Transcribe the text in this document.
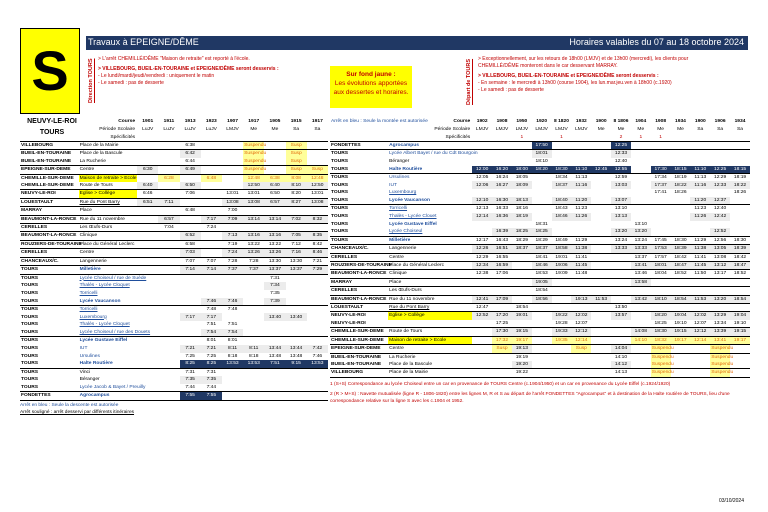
S	Direction TOURS
NEUVY-LE-ROI
TOURS
Travaux à EPEIGNE/DÊME	Horaires valables du 07 au 18 octobre 2024
> L'arrêt CHEMILLÉ/DÊME "Maison de retraite" est reporté à l'école.
> VILLEBOURG, BUEIL-EN-TOURAINE et EPEIGNE/DÊME seront desservis :
- Le lundi/mardi/jeudi/vendredi : uniquement le matin
- Le samedi : pas de desserte
Sur fond jaune :
Les évolutions apportées
aux dessertes et horaires.	Départ de TOURS > Exceptionnellement, sur les retours de 18h00 (LMJV) et de 13h00 (mercredi), les clients pour
CHEMILLÉ/DÊME monteront dans le car desservant MARRAY.
> VILLEBOURG, BUEIL-EN-TOURAINE et EPEIGNE/DÊME seront desservis :
- En semaine : le mercredi à 13h00 (course 1904), les lun.mar.jeu.ven à 18h00 (c.1920)
- Le samedi : pas de desserte
	Course	1901	1911	1913	1923	1907	1917	1905	1915	1917
	Période Scolaire	LuJV	LuJV	LuJV	LuJV	LMJV	Me	Me	Sa	Sa
	Spécificités									
VILLEBOURG	Place de la Mairie			6:38			Suspendu		Susp	
BUEIL-EN-TOURAINE	Place de la Bascule			6:42			Suspendu		Susp	
BUEIL-EN-TOURAINE	La Rucherie			6:44			Suspendu		Susp	
EPEIGNE-SUR-DEME	Centre	6:30		6:49			Suspendu		Susp	Susp
CHEMILLE-SUR-DEME	Maison de retraite > Ecole		6:28		6:48		12:48	6:38	8:08	12:48
CHEMILLE-SUR-DEME	Route de Tours	6:40		6:50			12:50	6:40	8:10	12:50
NEUVY-LE-ROI	Eglise > Collège	6:46		7:06		13:01	13:01	6:50	8:20	13:01
LOUESTAULT	Rue du Pont Barry	6:51	7:11			13:08	13:08	6:57	8:27	13:08
MARRAY	Place			6:48		7:00				
BEAUMONT-LA-RONCE	Rue du 11 novembre		6:57		7:17	7:09	13:14	13:14	7:02	8:32
CERELLES	Les Œufs-Durs		7:04		7:24					
BEAUMONT-LA-RONCE	Clinique			6:52		7:13	13:16	13:16	7:05	8:35
ROUZIERS-DE-TOURAINE	Place du Général Leclerc			6:58		7:19	13:22	13:22	7:12	8:42
CERELLES	Centre			7:03		7:24	13:26	13:26	7:16	8:46
CHANCEAUX/C.	Langennerie			7:07	7:07	7:28	7:28	13:30	13:30	7:21
TOURS	Milletière			7:14	7:14	7:37	7:37	13:37	13:37	7:29
TOURS	Lycée Choiseul / rue de Suède							7:31		
TOURS	Thalès - Lycée Cloquet							7:34		
TOURS	Torricelli							7:35		
TOURS	Lycée Vaucanson				7:46	7:46		7:39		
TOURS	Torricelli				7:48	7:48				
TOURS	Luxembourg			7:17	7:17			13:40	13:40	
TOURS	Thalès - Lycée Cloquet				7:51	7:51				
TOURS	Lycée Choiseul / rue des Douets				7:54	7:54				
TOURS	Lycée Gustave Eiffel				8:01	8:01				
TOURS	IUT			7:21	7:21	8:11	8:11	13:44	13:44	7:42
TOURS	Ursulines			7:25	7:25	8:18	8:18	13:48	13:48	7:46
TOURS	Halte Routière			8:25	8:25	13:53	13:53	7:51	9:15	13:53
TOURS	Vinci			7:31	7:31					
TOURS	Béranger			7:35	7:35					
TOURS	Lycée Jacob & Bayet / Preuilly			7:44	7:44					
FONDETTES	Agrocampus			7:55	7:55					
Arrêt en bleu : Seule la descente est autorisée
Arrêt souligné : arrêt desservi par différents itinéraires
Arrêt en bleu : Seule la montée est autorisée	Course	1902	1908	1950	1920	8 1820	1932	1900	8 1806	1904	1908	1934	1900	1906	1934
	Période Scolaire	LMJV	LMJV	LMJV	LMJV	LMJV	LMJV	Me	Me	Me	Me	Me	Sa	Sa	Sa
	Spécificités			1		1			2	1	1				
FONDETTES	Agrocampus				17:50				12:25						
TOURS	Lycée Albert Bayet / rue du Cdt Bourgoin				18:01				12:33						
TOURS	Béranger				18:10				12:40						
TOURS	Halte Routière	12:00	16:20	18:00	18:20	18:30	11:10	12:45	12:55		17:30	18:15	11:10	12:25	18:15
TOURS	Ursulines	12:05	16:24	18:05		18:34	11:13		12:59		17:34	18:19	11:13	12:29	18:19
TOURS	IUT	12:06	16:27	18:09		18:37	11:16		13:03		17:37	18:22	11:16	12:33	18:22
TOURS	Luxembourg										17:41	18:26			18:26
TOURS	Lycée Vaucanson	12:10	16:30	18:13		18:40	11:20		13:07				11:20	12:37	
TOURS	Torricelli	12:13	16:33	18:16		18:43	11:23		13:10				11:23	12:40	
TOURS	Thalès - Lycée Clouet	12:14	16:36	18:19		18:46	11:26		13:13				11:26	12:42	
TOURS	Lycée Gustave Eiffel				18:31					13:10					
TOURS	Lycée Choiseul		16:39	18:25	18:25				13:20	13:20				12:52	
TOURS	Milletière	12:17	16:43	18:29	18:29	18:49	11:29		13:24	13:24	17:45	18:30	11:29	12:56	18:30
CHANCEAUX/C.	Langennerie	12:26	16:51	18:37	18:37	18:58	11:38		13:33	13:33	17:53	18:39	11:38	13:05	18:39
CERELLES	Centre	12:29	16:55		18:41	19:01	11:41			13:37	17:57	18:42	11:41	13:08	18:42
ROUZIERS-DE-TOURAINE	Place du Général Leclerc	12:34	16:59		18:46	19:06	11:45			13:41	18:01	18:47	11:45	13:12	18:47
BEAUMONT-LA-RONCE	Clinique	12:38	17:06		18:53	19:09	11:48			13:46	18:04	18:52	11:50	13:17	18:52
MARRAY	Place				19:05					13:58					
CERELLES	Les Œufs-Durs				18:54										
BEAUMONT-LA-RONCE	Rue du 11 novembre	12:41	17:09		18:56		19:13	11:53		13:42	18:10	18:54	11:53	13:20	18:54
LOUESTAULT	Rue du Pont Barry	12:47		18:54					13:50						
NEUVY-LE-ROI	Eglise > Collège	12:52	17:20	19:01		19:22	12:02		13:57		18:20	19:04	12:02	13:29	19:04
NEUVY-LE-ROI			17:25			19:28	12:07				18:25	19:10	12:07	13:34	19:10
CHEMILLE-SUR-DEME	Route de Tours		17:30	19:15		19:33	12:12			14:08	18:30	19:15	12:12	13:39	19:15
CHEMILLE-SUR-DEME	Maison de retraite > Ecole		17:32	19:17		19:35	12:14			14:10	18:32	19:17	12:14	13:41	19:17
EPEIGNE-SUR-DEME	Centre		Susp	19:13			Susp		14:04		Suspendu			Suspendu	
BUEIL-EN-TOURAINE	La Rucherie			19:19					14:10		Suspendu			Suspendu	
BUEIL-EN-TOURAINE	Place de la Bascule			19:20					14:12		Suspendu			Suspendu	
VILLEBOURG	Place de la Mairie			19:22					14:13		Suspendu			Suspendu	
1 (S+S) Correspondance au lycée Choiseul entre un car en provenance de TOURS Centre (c.1904/1950) et un car en provenance du Lycée Eiffel (c.1924/1920)
2 (R > M+S) : Navette mutualisée (ligne R - 1806-1820) entre les lignes M, R et S au départ de l'arrêt FONDETTES "Agrocampus" et à destination de la Halte routière de TOURS, lieu d'une correspondance relative sur la ligne S avec les c.1904 et 1952.
03/10/2024
